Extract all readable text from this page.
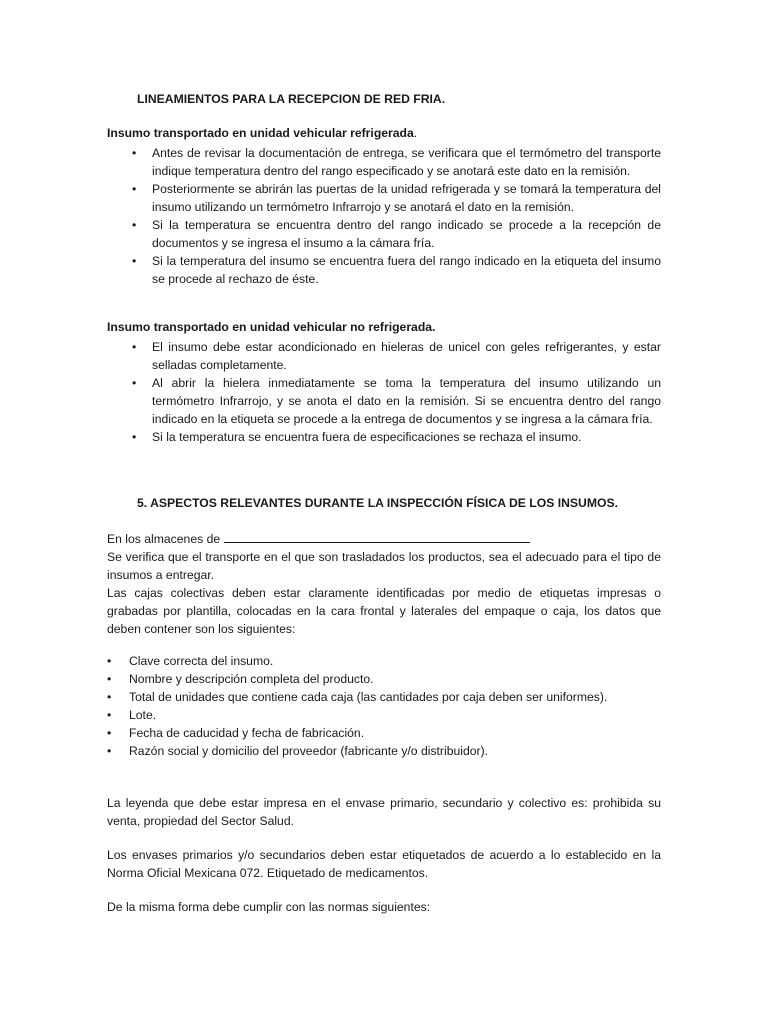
LINEAMIENTOS PARA LA RECEPCION DE RED FRIA.

Insumo transportado en unidad vehicular refrigerada.

• Antes de revisar la documentación de entrega, se verificara que el termómetro del transporte indique temperatura dentro del rango especificado y se anotará este dato en la remisión.
• Posteriormente se abrirán las puertas de la unidad refrigerada y se tomará la temperatura del insumo utilizando un termómetro Infrarrojo y se anotará el dato en la remisión.
• Si la temperatura se encuentra dentro del rango indicado se procede a la recepción de documentos y se ingresa el insumo a la cámara fría.
• Si la temperatura del insumo se encuentra fuera del rango indicado en la etiqueta del insumo se procede al rechazo de éste.

Insumo transportado en unidad vehicular no refrigerada.

• El insumo debe estar acondicionado en hieleras de unicel con geles refrigerantes, y estar selladas completamente.
• Al abrir la hielera inmediatamente se toma la temperatura del insumo utilizando un termómetro Infrarrojo, y se anota el dato en la remisión. Si se encuentra dentro del rango indicado en la etiqueta se procede a la entrega de documentos y se ingresa a la cámara fría.
• Si la temperatura se encuentra fuera de especificaciones se rechaza el insumo.

5. ASPECTOS RELEVANTES DURANTE LA INSPECCIÓN FÍSICA DE LOS INSUMOS.

En los almacenes de

Se verifica que el transporte en el que son trasladados los productos, sea el adecuado para el tipo de insumos a entregar.

Las cajas colectivas deben estar claramente identificadas por medio de etiquetas impresas o grabadas por plantilla, colocadas en la cara frontal y laterales del empaque o caja, los datos que deben contener son los siguientes:

• Clave correcta del insumo.
• Nombre y descripción completa del producto.
• Total de unidades que contiene cada caja (las cantidades por caja deben ser uniformes).
• Lote.
• Fecha de caducidad y fecha de fabricación.
• Razón social y domicilio del proveedor (fabricante y/o distribuidor).

La leyenda que debe estar impresa en el envase primario, secundario y colectivo es: prohibida su venta, propiedad del Sector Salud.

Los envases primarios y/o secundarios deben estar etiquetados de acuerdo a lo establecido en la Norma Oficial Mexicana 072. Etiquetado de medicamentos.

De la misma forma debe cumplir con las normas siguientes:
